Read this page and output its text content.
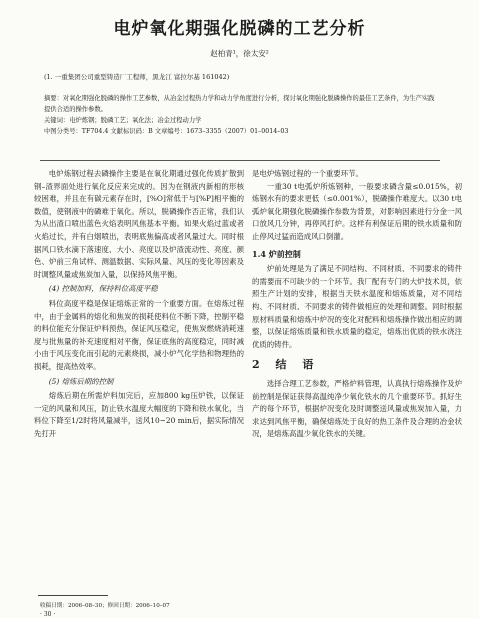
电炉氧化期强化脱磷的工艺分析
赵柏青¹，徐太安²
(1. 一重集团公司重型铸造厂工程师，黑龙江 富拉尔基 161042)

摘要：对氧化期强化脱磷的操作工艺参数，从冶金过程热力学和动力学角度进行分析，探讨氧化期强化脱磷操作的最佳工艺条件，为生产实践提供合适的操作参数。

关键词：电炉炼钢；脱磷工艺；氧化法；冶金过程动力学

中图分类号：TF704.4 文献标识码：B 文章编号：1673–3355（2007）01–0014–03

电炉炼钢过程去磷操作主要是在氧化期通过强化传质扩散到钢–渣界面处进行氧化反应来完成的。因为在钢液内新相的形核较困难，并且在有碳元素存在时，[%O]常低于与[%P]相平衡的数值，使钢液中的磷难于氧化。所以，脱磷操作否正常，我们认为从出渣口喷出蓝色火焰表明风焦基本平衡。如果火焰过蓝或者火焰过长，并有白烟喷出，表明底焦偏高或者风量过大。同时根据风口铁水滴下落速度、大小、亮度以及炉渣流动性、亮度、颜色、炉前三角试样、测温数据、实际风量、风压的变化等因素及时调整风量或焦炭加入量，以保持风焦平衡。

(4) 控制加料，保持料位高度平稳

料位高度平稳是保证熔炼正常的一个重要方面。在熔炼过程中，由于金属料的熔化和焦炭的损耗使料位不断下降，控制平稳的料位能充分保证炉料预热，保证风压稳定，使焦炭燃烧消耗速度与批焦量的补充速度相对平衡，保证底焦的高度稳定，同时减小由于风压变化而引起的元素烧损，减小炉气化学热和物理热的损耗，提高热效率。

(5) 熔炼后期的控制

熔炼后期在所需炉料加完后，应加800 kg压炉铁，以保证一定的风量和风压，防止铁水温度大幅度的下降和铁水氧化，当料位下降至1/2时将风量减半，送风10~20 min后，据实际情况先打开

是电炉炼钢过程的一个重要环节。

一重30 t电弧炉所炼钢种，一般要求磷含量≤0.015%，初炼钢水有的要求更低（≤0.001%），脱磷操作难度大。以30 t电弧炉氧化期强化脱磷操作参数为背景，对影响因素进行分金一风口放风几分钟，再停风打炉。这样有利保证后期的铁水质量和防止停风过猛而造成风口倒灌。

1.4 炉前控制

炉前处理是为了满足不同结构、不同材质、不同要求的铸件的需要而不可缺少的一个环节。我厂配有专门的大炉技术员，依照生产计划的安排，根据当天铁水温度和熔炼质量，对不同结构、不同材质、不同要求的铸件做相应的处理和调整。同时根据原材料质量和熔炼中炉况的变化对配料和熔炼操作做出相应的调整，以保证熔炼质量和铁水质量的稳定，熔炼出优质的铁水浇注优质的铸件。

2 结 语

选择合理工艺参数，严格炉料管理，认真执行熔炼操作及炉前控制是保证获得高温纯净少氧化铁水的几个重要环节。抓好生产的每个环节，根据炉况变化及时调整送风量或焦炭加入量，力求达到风焦平衡，确保熔炼处于良好的热工条件及合理的冶金状况，是熔炼高温少氧化铁水的关键。

收稿日期：2006–08–30；修回日期：2006–10–07
· 30 ·
